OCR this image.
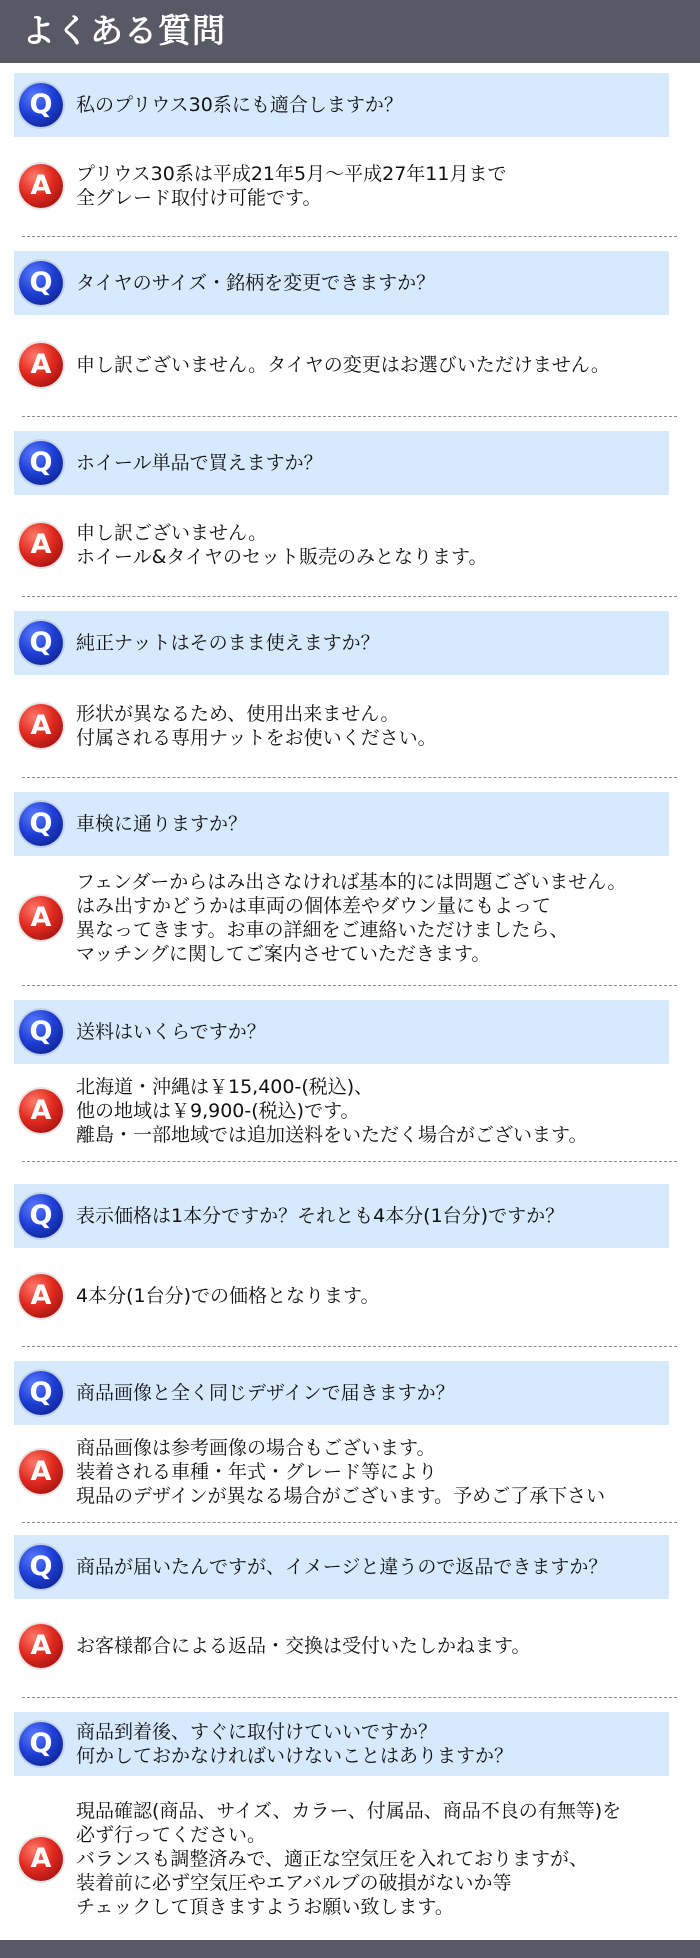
よくある質問
Q	私のプリウス30系にも適合しますか？
A	プリウス30系は平成21年5月～平成27年11月まで
全グレード取付け可能です。
Q	タイヤのサイズ・銘柄を変更できますか？
A	申し訳ございません。タイヤの変更はお選びいただけません。
Q	ホイール単品で買えますか？
A	申し訳ございません。
ホイール&タイヤのセット販売のみとなります。
Q	純正ナットはそのまま使えますか？
A	形状が異なるため、使用出来ません。
付属される専用ナットをお使いください。
Q	車検に通りますか？
A
フェンダーからはみ出さなければ基本的には問題ございません。
はみ出すかどうかは車両の個体差やダウン量にもよって
異なってきます。お車の詳細をご連絡いただけましたら、
マッチングに関してご案内させていただきます。
Q	送料はいくらですか？
A
北海道・沖縄は￥15,400-(税込)、
他の地域は￥9,900-(税込)です。
離島・一部地域では追加送料をいただく場合がございます。
Q	表示価格は1本分ですか？それとも4本分(1台分)ですか？
A	4本分(1台分)での価格となります。
Q	商品画像と全く同じデザインで届きますか？
A
商品画像は参考画像の場合もございます。
装着される車種・年式・グレード等により
現品のデザインが異なる場合がございます。予めご了承下さい
Q	商品が届いたんですが、イメージと違うので返品できますか？
A	お客様都合による返品・交換は受付いたしかねます。
Q	商品到着後、すぐに取付けていいですか？
何かしておかなければいけないことはありますか？
A
現品確認(商品、サイズ、カラー、付属品、商品不良の有無等)を
必ず行ってください。
バランスも調整済みで、適正な空気圧を入れておりますが、
装着前に必ず空気圧やエアバルブの破損がないか等
チェックして頂きますようお願い致します。
